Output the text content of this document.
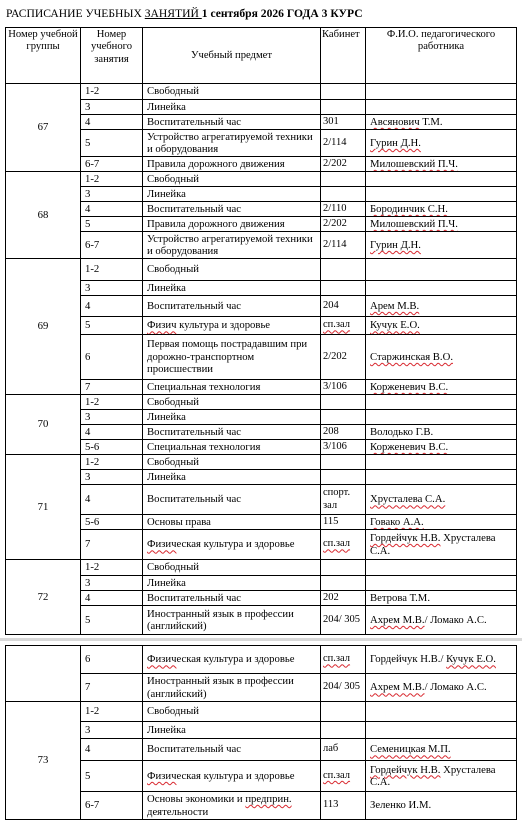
РАСПИСАНИЕ УЧЕБНЫХ ЗАНЯТИЙ 1 сентября 2026 ГОДА 3 КУРС
Номер учебной группы	Номер учебного занятия	Учебный предмет	Кабинет	Ф.И.О. педагогического работника
67	1-2	Свободный		
	3	Линейка		
	4	Воспитательный час	301	Авсянович Т.М.
	5	Устройство агрегатируемой техники и оборудования	2/114	Гурин Д.Н.
	6-7	Правила дорожного движения	2/202	Милошевский П.Ч.
68	1-2	Свободный		
	3	Линейка		
	4	Воспитательный час	2/110	Бородинчик С.Н.
	5	Правила дорожного движения	2/202	Милошевский П.Ч.
	6-7	Устройство агрегатируемой техники и оборудования	2/114	Гурин Д.Н.
69	1-2	Свободный		
	3	Линейка		
	4	Воспитательный час	204	Арем М.В.
	5	Физич культура и здоровье	сп.зал	Кучук Е.О.
	6	Первая помощь пострадавшим при дорожно-транспортном происшествии	2/202	Старжинская В.О.
	7	Специальная технология	3/106	Корженевич В.С.
70	1-2	Свободный		
	3	Линейка		
	4	Воспитательный час	208	Володько Г.В.
	5-6	Специальная технология	3/106	Корженевич В.С.
71	1-2	Свободный		
	3	Линейка		
	4	Воспитательный час	спорт. зал	Хрусталева С.А.
	5-6	Основы права	115	Говако А.А.
	7	Физическая культура и здоровье	сп.зал	Гордейчук Н.В. Хрусталева С.А.
72	1-2	Свободный		
	3	Линейка		
	4	Воспитательный час	202	Ветрова Т.М.
	5	Иностранный язык в профессии (английский)	204/ 305	Ахрем М.В./ Ломако А.С.
	6	Физическая культура и здоровье	сп.зал	Гордейчук Н.В./ Кучук Е.О.
	7	Иностранный язык в профессии (английский)	204/ 305	Ахрем М.В./ Ломако А.С.
73	1-2	Свободный		
	3	Линейка		
	4	Воспитательный час	лаб	Семеницкая М.П.
	5	Физическая культура и здоровье	сп.зал	Гордейчук Н.В. Хрусталева С.А.
	6-7	Основы экономики и предприн. деятельности	113	Зеленко И.М.
